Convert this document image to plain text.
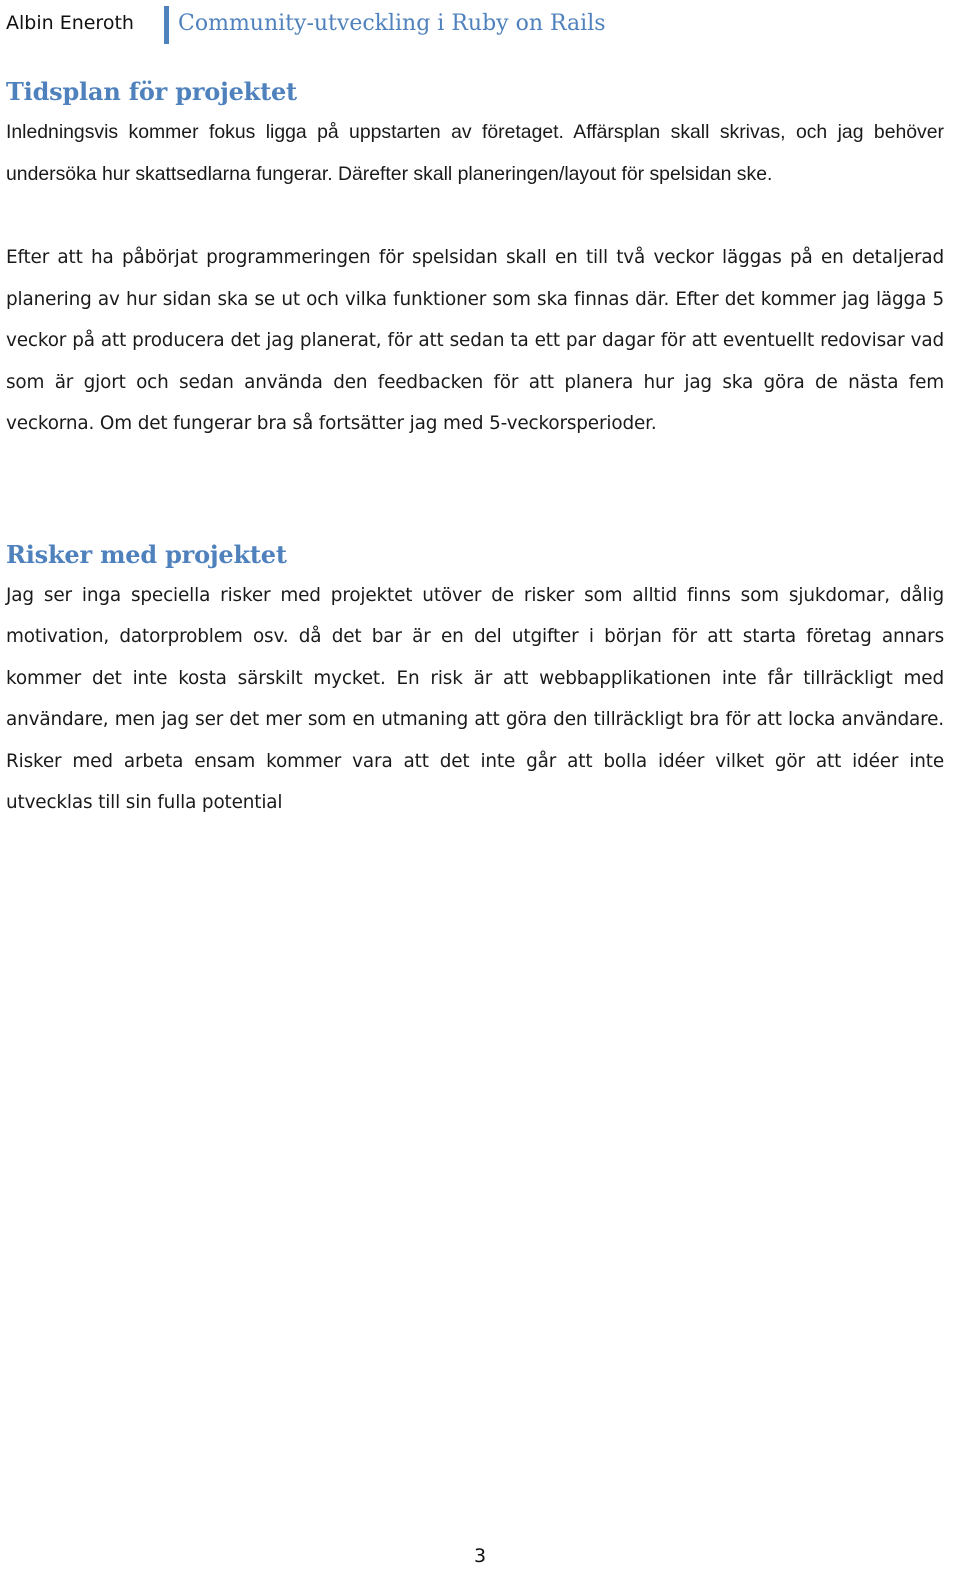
Albin Eneroth Community-utveckling i Ruby on Rails
Tidsplan för projektet

Inledningsvis kommer fokus ligga på uppstarten av företaget. Affärsplan skall skrivas, och jag behöver undersöka hur skattsedlarna fungerar. Därefter skall planeringen/layout för spelsidan ske.

Efter att ha påbörjat programmeringen för spelsidan skall en till två veckor läggas på en detaljerad planering av hur sidan ska se ut och vilka funktioner som ska finnas där. Efter det kommer jag lägga 5 veckor på att producera det jag planerat, för att sedan ta ett par dagar för att eventuellt redovisar vad som är gjort och sedan använda den feedbacken för att planera hur jag ska göra de nästa fem veckorna. Om det fungerar bra så fortsätter jag med 5-veckorsperioder.

Risker med projektet

Jag ser inga speciella risker med projektet utöver de risker som alltid finns som sjukdomar, dålig motivation, datorproblem osv. då det bar är en del utgifter i början för att starta företag annars kommer det inte kosta särskilt mycket. En risk är att webbapplikationen inte får tillräckligt med användare, men jag ser det mer som en utmaning att göra den tillräckligt bra för att locka användare. Risker med arbeta ensam kommer vara att det inte går att bolla idéer vilket gör att idéer inte utvecklas till sin fulla potential

3
